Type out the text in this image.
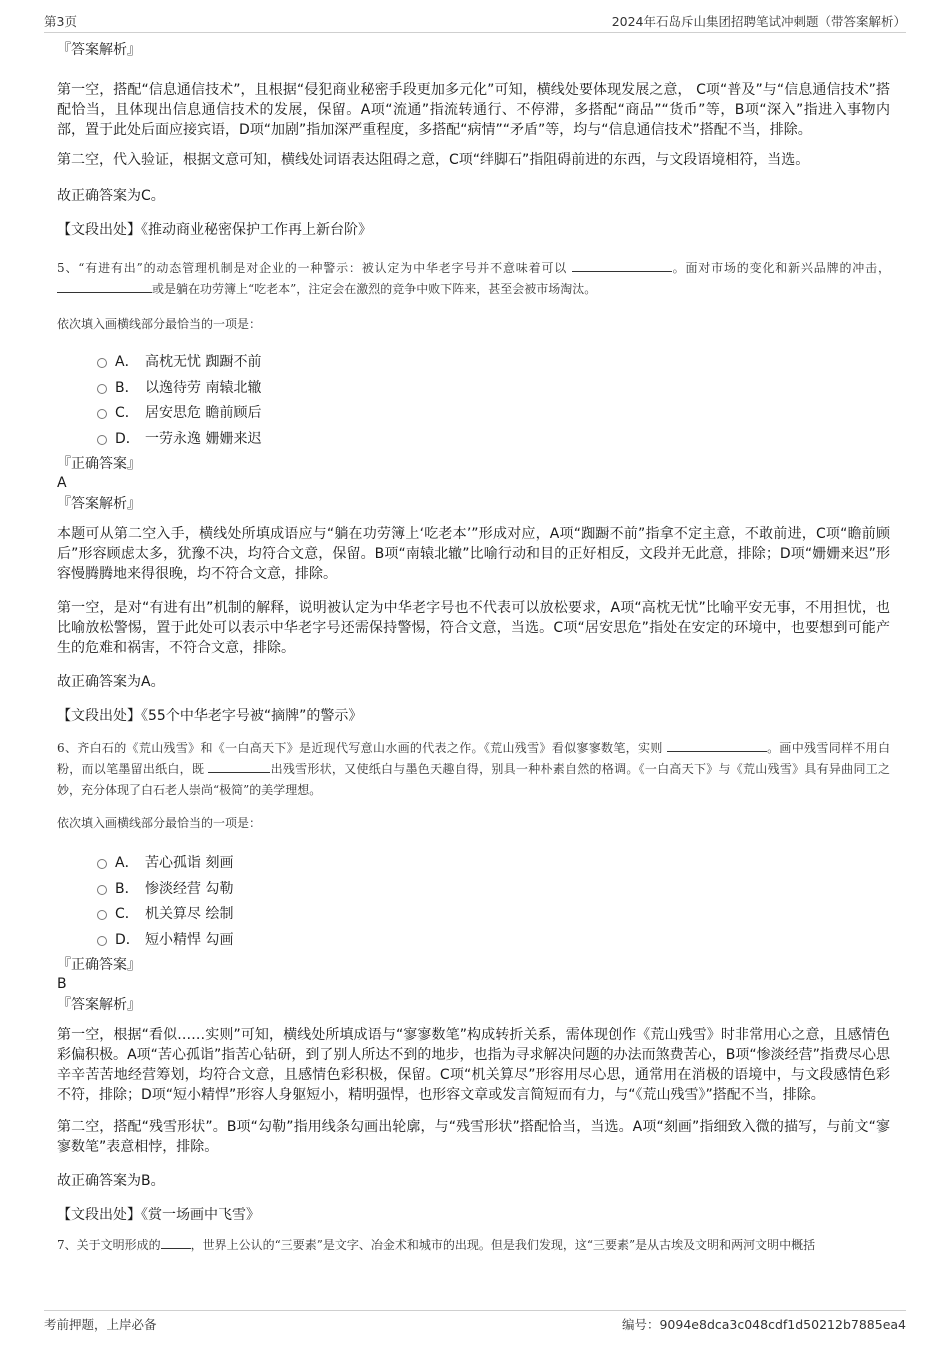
第3页	2024年石岛斥山集团招聘笔试冲刺题（带答案解析）

『答案解析』

第一空，搭配“信息通信技术”，且根据“侵犯商业秘密手段更加多元化”可知，横线处要体现发展之意， C项“普及”与“信息通信技术”搭配恰当，且体现出信息通信技术的发展，保留。A项“流通”指流转通行、不停滞，多搭配“商品”“货币”等，B项“深入”指进入事物内部，置于此处后面应接宾语，D项“加剧”指加深严重程度，多搭配“病情”“矛盾”等，均与“信息通信技术”搭配不当，排除。

第二空，代入验证，根据文意可知，横线处词语表达阻碍之意，C项“绊脚石”指阻碍前进的东西，与文段语境相符，当选。

故正确答案为C。

【文段出处】《推动商业秘密保护工作再上新台阶》

5、“有进有出”的动态管理机制是对企业的一种警示：被认定为中华老字号并不意味着可以	。面对市场的变化和新兴品牌的冲击， 或是躺在功劳簿上“吃老本”，注定会在激烈的竞争中败下阵来，甚至会被市场淘汰。

依次填入画横线部分最恰当的一项是：

A． 高枕无忧 踟蹰不前
B． 以逸待劳 南辕北辙
C． 居安思危 瞻前顾后
D． 一劳永逸 姗姗来迟

『正确答案』

A

『答案解析』

本题可从第二空入手，横线处所填成语应与“躺在功劳簿上‘吃老本’”形成对应，A项“踟蹰不前”指拿不定主意，不敢前进，C项“瞻前顾后”形容顾虑太多，犹豫不决，均符合文意，保留。B项“南辕北辙”比喻行动和目的正好相反，文段并无此意，排除；D项“姗姗来迟”形容慢腾腾地来得很晚，均不符合文意，排除。

第一空，是对“有进有出”机制的解释，说明被认定为中华老字号也不代表可以放松要求，A项“高枕无忧”比喻平安无事，不用担忧，也比喻放松警惕，置于此处可以表示中华老字号还需保持警惕，符合文意，当选。C项“居安思危”指处在安定的环境中，也要想到可能产生的危难和祸害，不符合文意，排除。

故正确答案为A。

【文段出处】《55个中华老字号被“摘牌”的警示》

6、齐白石的《荒山残雪》和《一白高天下》是近现代写意山水画的代表之作。《荒山残雪》看似寥寥数笔，实则	。画中残雪同样不用白粉，而以笔墨留出纸白，既	出残雪形状，又使纸白与墨色天趣自得，别具一种朴素自然的格调。《一白高天下》与《荒山残雪》具有异曲同工之妙，充分体现了白石老人崇尚“极简”的美学理想。

依次填入画横线部分最恰当的一项是：

A． 苦心孤诣 刻画
B． 惨淡经营 勾勒
C． 机关算尽 绘制
D． 短小精悍 勾画

『正确答案』

B

『答案解析』

第一空，根据“看似……实则”可知，横线处所填成语与“寥寥数笔”构成转折关系，需体现创作《荒山残雪》时非常用心之意，且感情色彩偏积极。A项“苦心孤诣”指苦心钻研，到了别人所达不到的地步，也指为寻求解决问题的办法而煞费苦心，B项“惨淡经营”指费尽心思辛辛苦苦地经营筹划，均符合文意，且感情色彩积极，保留。C项“机关算尽”形容用尽心思，通常用在消极的语境中，与文段感情色彩不符，排除；D项“短小精悍”形容人身躯短小，精明强悍，也形容文章或发言简短而有力，与“《荒山残雪》”搭配不当，排除。

第二空，搭配“残雪形状”。B项“勾勒”指用线条勾画出轮廓，与“残雪形状”搭配恰当，当选。A项“刻画”指细致入微的描写，与前文“寥寥数笔”表意相悖，排除。

故正确答案为B。

【文段出处】《赏一场画中飞雪》

7、关于文明形成的	，世界上公认的“三要素”是文字、冶金术和城市的出现。但是我们发现，这“三要素”是从古埃及文明和两河文明中概括

考前押题，上岸必备	编号：9094e8dca3c048cdf1d50212b7885ea4
